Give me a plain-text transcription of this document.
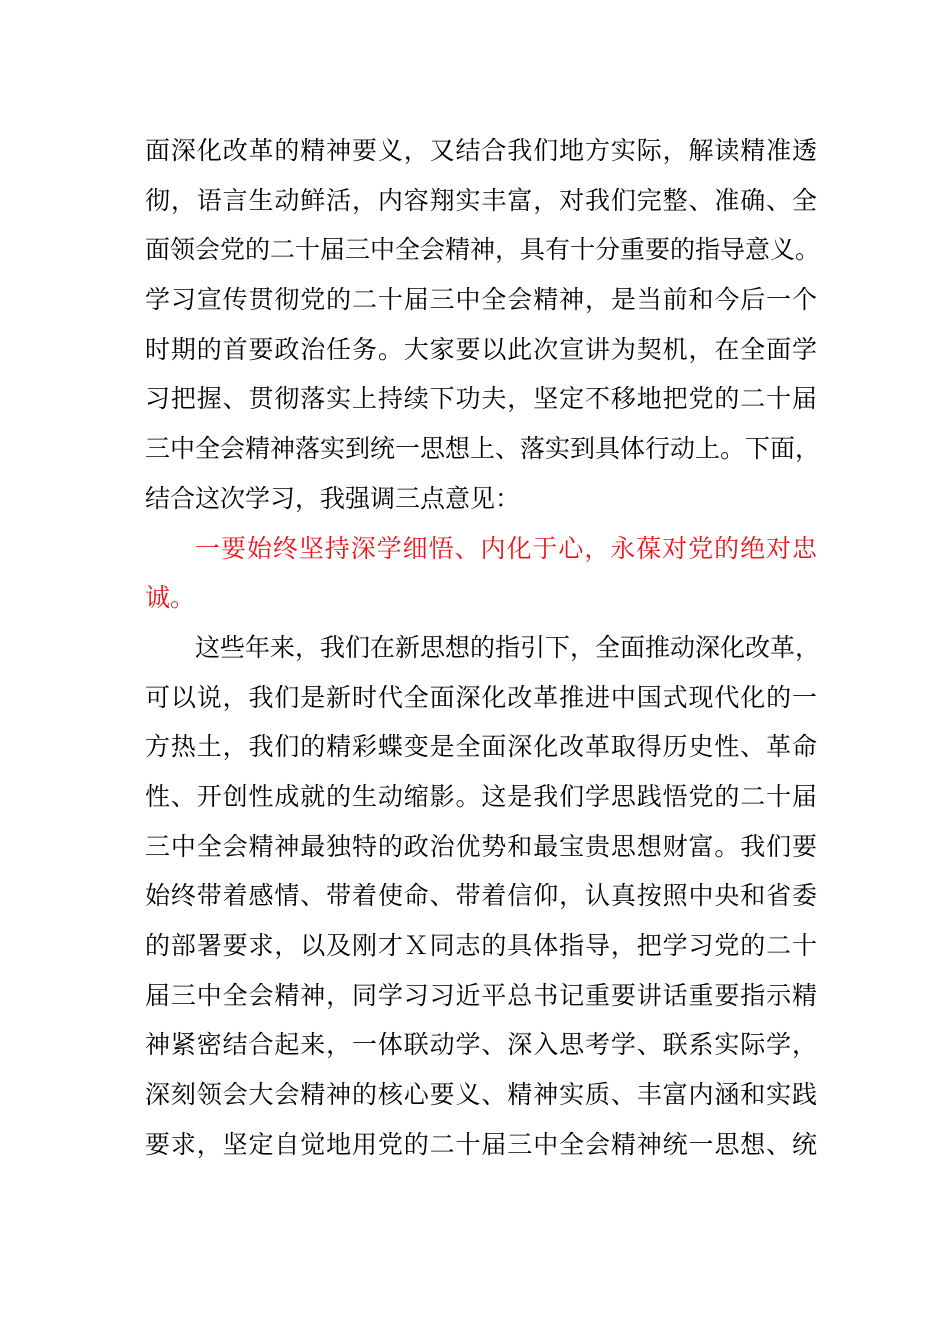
面深化改革的精神要义，又结合我们地方实际，解读精准透
彻，语言生动鲜活，内容翔实丰富，对我们完整、准确、全
面领会党的二十届三中全会精神，具有十分重要的指导意义。
学习宣传贯彻党的二十届三中全会精神，是当前和今后一个
时期的首要政治任务。大家要以此次宣讲为契机，在全面学
习把握、贯彻落实上持续下功夫，坚定不移地把党的二十届
三中全会精神落实到统一思想上、落实到具体行动上。下面，
结合这次学习，我强调三点意见：
一要始终坚持深学细悟、内化于心，永葆对党的绝对忠
诚。
这些年来，我们在新思想的指引下，全面推动深化改革，
可以说，我们是新时代全面深化改革推进中国式现代化的一
方热土，我们的精彩蝶变是全面深化改革取得历史性、革命
性、开创性成就的生动缩影。这是我们学思践悟党的二十届
三中全会精神最独特的政治优势和最宝贵思想财富。我们要
始终带着感情、带着使命、带着信仰，认真按照中央和省委
的部署要求，以及刚才Ｘ同志的具体指导，把学习党的二十
届三中全会精神，同学习习近平总书记重要讲话重要指示精
神紧密结合起来，一体联动学、深入思考学、联系实际学，
深刻领会大会精神的核心要义、精神实质、丰富内涵和实践
要求，坚定自觉地用党的二十届三中全会精神统一思想、统
